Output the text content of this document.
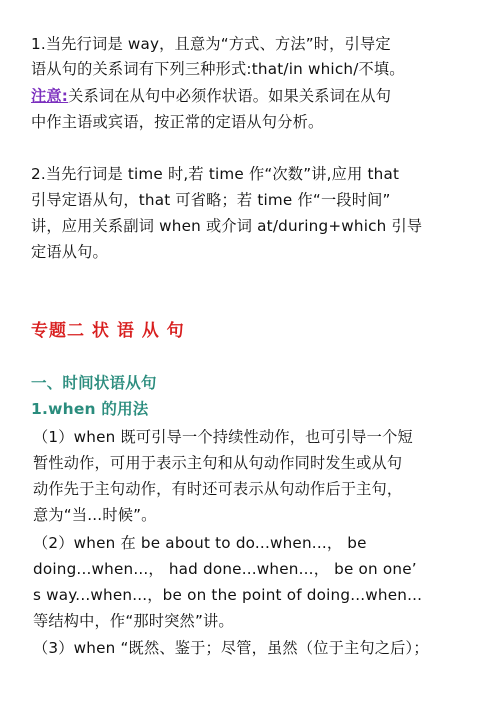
1.当先行词是 way，且意为“方式、方法”时，引导定
语从句的关系词有下列三种形式:that/in which/不填。
注意:关系词在从句中必须作状语。如果关系词在从句
中作主语或宾语，按正常的定语从句分析。
2.当先行词是 time 时,若 time 作“次数”讲,应用 that
引导定语从句，that 可省略；若 time 作“一段时间”
讲，应用关系副词 when 或介词 at/during+which 引导
定语从句。
专题二 状 语 从 句
一、时间状语从句
1.when 的用法
（1）when 既可引导一个持续性动作，也可引导一个短
暂性动作，可用于表示主句和从句动作同时发生或从句
动作先于主句动作，有时还可表示从句动作后于主句，
意为“当...时候”。
（2）when 在 be about to do...when...， be
doing...when...， had done...when...， be on one’
s way...when...，be on the point of doing...when...
等结构中，作“那时突然”讲。
（3）when “既然、鉴于；尽管，虽然（位于主句之后）；
